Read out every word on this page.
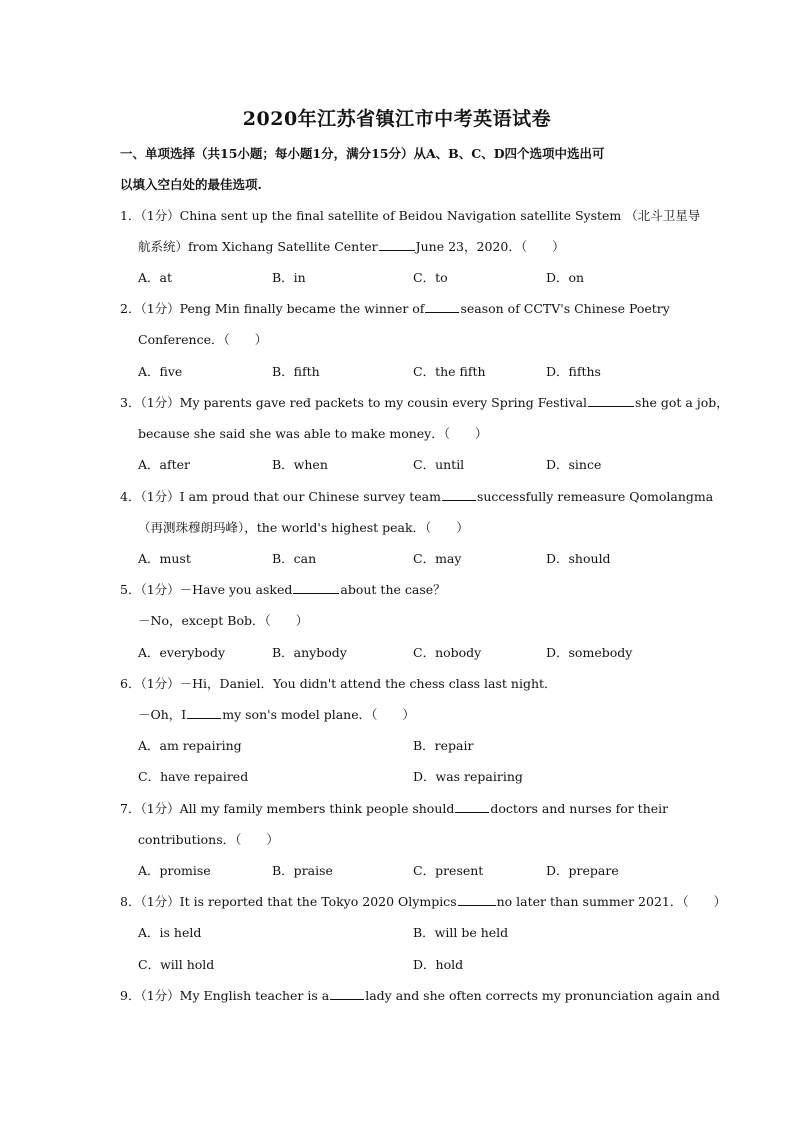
2020年江苏省镇江市中考英语试卷
一、单项选择（共15小题；每小题1分，满分15分）从A、B、C、D四个选项中选出可
以填入空白处的最佳选项.
1．（1分）China sent up the final satellite of Beidou Navigation satellite System （北斗卫星导
航系统）from Xichang Satellite Center	June 23，2020．（　　）
A．at	B．in	C．to	D．on
2．（1分）Peng Min finally became the winner of	season of CCTV's Chinese Poetry
Conference．（　　）
A．five	B．fifth	C．the fifth	D．fifths
3．（1分）My parents gave red packets to my cousin every Spring Festival	she got a job，
because she said she was able to make money．（　　）
A．after	B．when	C．until	D．since
4．（1分）I am proud that our Chinese survey team	successfully remeasure Qomolangma
（再测珠穆朗玛峰），the world's highest peak．（　　）
A．must	B．can	C．may	D．should
5．（1分）－Have you asked	about the case？
－No，except Bob．（　　）
A．everybody	B．anybody	C．nobody	D．somebody
6．（1分）－Hi，Daniel．You didn't attend the chess class last night．
－Oh，I	my son's model plane．（　　）
A．am repairing	B．repair
C．have repaired	D．was repairing
7．（1分）All my family members think people should	doctors and nurses for their
contributions．（　　）
A．promise	B．praise	C．present	D．prepare
8．（1分）It is reported that the Tokyo 2020 Olympics	no later than summer 2021．（　　）
A．is held	B．will be held
C．will hold	D．hold
9．（1分）My English teacher is a	lady and she often corrects my pronunciation again and
